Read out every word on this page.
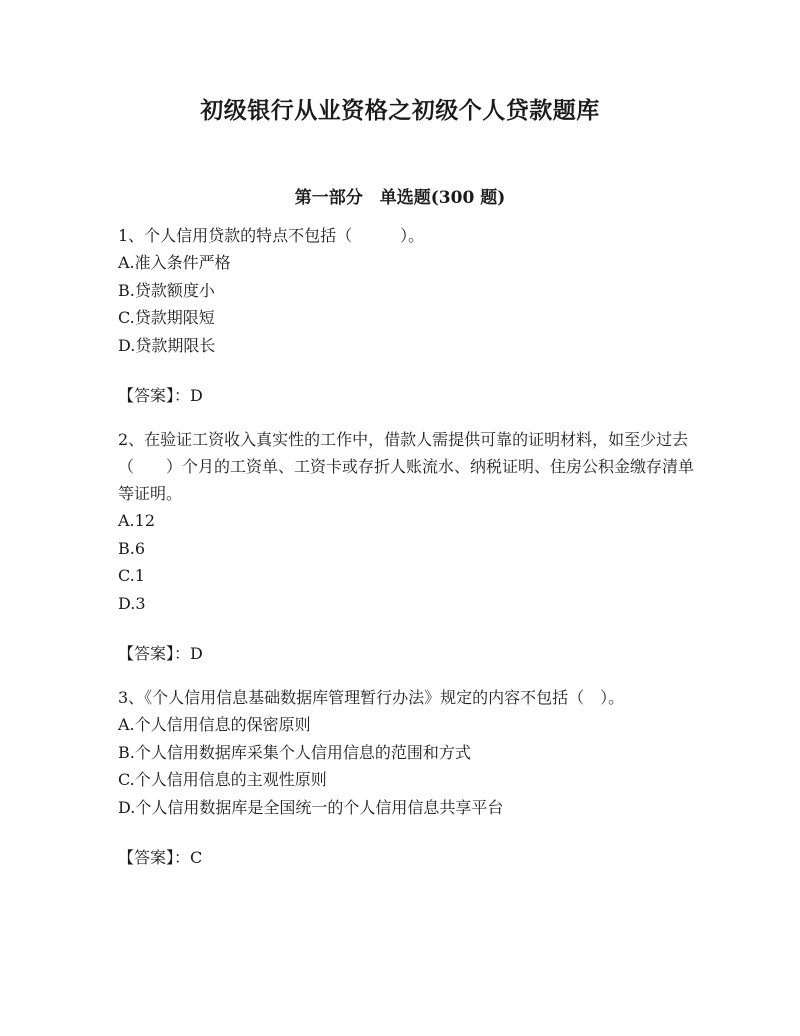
初级银行从业资格之初级个人贷款题库
第一部分　单选题(300 题)
1、个人信用贷款的特点不包括（　　　）。
A.准入条件严格
B.贷款额度小
C.贷款期限短
D.贷款期限长
【答案】：D
2、在验证工资收入真实性的工作中，借款人需提供可靠的证明材料，如至少过去（　　）个月的工资单、工资卡或存折人账流水、纳税证明、住房公积金缴存清单等证明。
A.12
B.6
C.1
D.3
【答案】：D
3、《个人信用信息基础数据库管理暂行办法》规定的内容不包括（　）。
A.个人信用信息的保密原则
B.个人信用数据库采集个人信用信息的范围和方式
C.个人信用信息的主观性原则
D.个人信用数据库是全国统一的个人信用信息共享平台
【答案】：C
